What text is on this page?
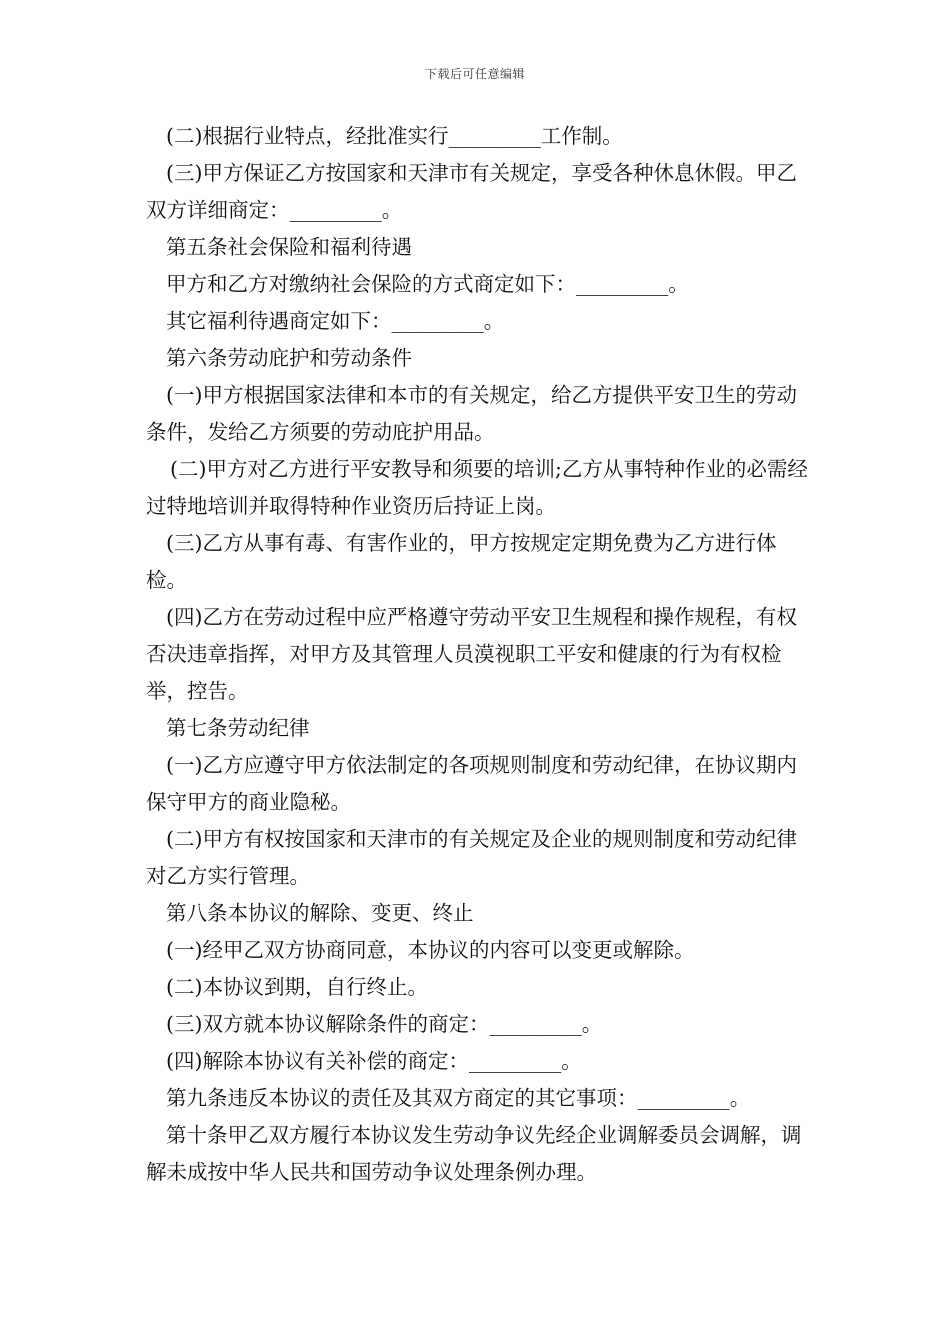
下载后可任意编辑

(二)根据行业特点，经批准实行_________工作制。

(三)甲方保证乙方按国家和天津市有关规定，享受各种休息休假。甲乙双方详细商定：_________。

第五条社会保险和福利待遇

甲方和乙方对缴纳社会保险的方式商定如下：_________。

其它福利待遇商定如下：_________。

第六条劳动庇护和劳动条件

(一)甲方根据国家法律和本市的有关规定，给乙方提供平安卫生的劳动条件，发给乙方须要的劳动庇护用品。

(二)甲方对乙方进行平安教导和须要的培训;乙方从事特种作业的必需经过特地培训并取得特种作业资历后持证上岗。

(三)乙方从事有毒、有害作业的，甲方按规定定期免费为乙方进行体检。

(四)乙方在劳动过程中应严格遵守劳动平安卫生规程和操作规程，有权否决违章指挥，对甲方及其管理人员漠视职工平安和健康的行为有权检举，控告。

第七条劳动纪律

(一)乙方应遵守甲方依法制定的各项规则制度和劳动纪律，在协议期内保守甲方的商业隐秘。

(二)甲方有权按国家和天津市的有关规定及企业的规则制度和劳动纪律对乙方实行管理。

第八条本协议的解除、变更、终止

(一)经甲乙双方协商同意，本协议的内容可以变更或解除。

(二)本协议到期，自行终止。

(三)双方就本协议解除条件的商定：_________。

(四)解除本协议有关补偿的商定：_________。

第九条违反本协议的责任及其双方商定的其它事项：_________。

第十条甲乙双方履行本协议发生劳动争议先经企业调解委员会调解，调解未成按中华人民共和国劳动争议处理条例办理。
